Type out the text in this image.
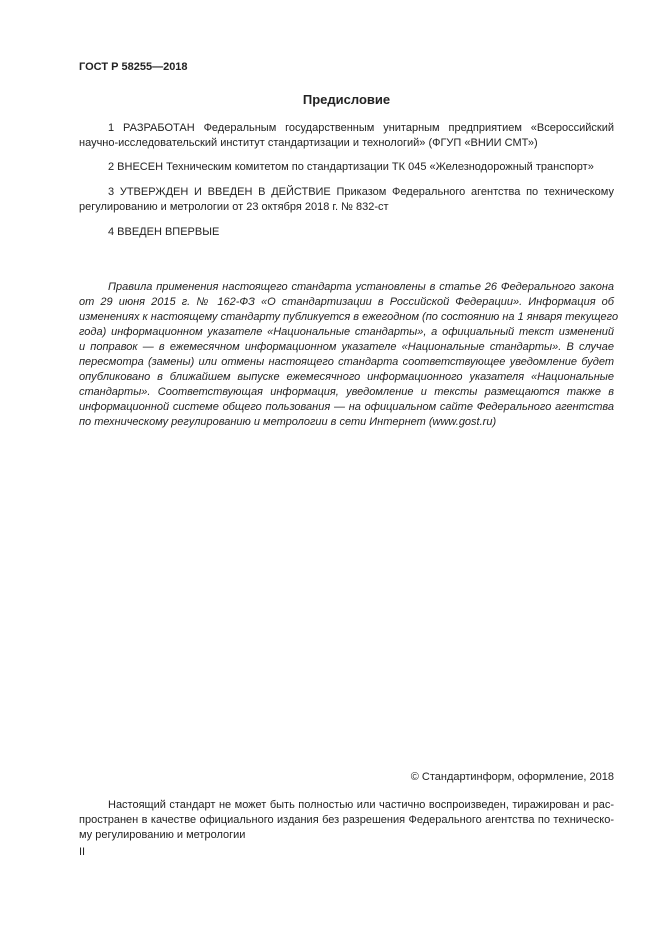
ГОСТ Р 58255—2018
Предисловие
1 РАЗРАБОТАН Федеральным государственным унитарным предприятием «Всероссийский
научно-исследовательский институт стандартизации и технологий» (ФГУП «ВНИИ СМТ»)
2 ВНЕСЕН Техническим комитетом по стандартизации ТК 045 «Железнодорожный транспорт»
3 УТВЕРЖДЕН И ВВЕДЕН В ДЕЙСТВИЕ Приказом Федерального агентства по техническому
регулированию и метрологии от 23 октября 2018 г. № 832-ст
4 ВВЕДЕН ВПЕРВЫЕ
Правила применения настоящего стандарта установлены в статье 26 Федерального закона
от 29 июня 2015 г. № 162-ФЗ «О стандартизации в Российской Федерации». Информация об
изменениях к настоящему стандарту публикуется в ежегодном (по состоянию на 1 января текущего
года) информационном указателе «Национальные стандарты», а официальный текст изменений
и поправок — в ежемесячном информационном указателе «Национальные стандарты». В случае
пересмотра (замены) или отмены настоящего стандарта соответствующее уведомление будет
опубликовано в ближайшем выпуске ежемесячного информационного указателя «Национальные
стандарты». Соответствующая информация, уведомление и тексты размещаются также в
информационной системе общего пользования — на официальном сайте Федерального агентства
по техническому регулированию и метрологии в сети Интернет (www.gost.ru)
© Стандартинформ, оформление, 2018
Настоящий стандарт не может быть полностью или частично воспроизведен, тиражирован и рас-
пространен в качестве официального издания без разрешения Федерального агентства по техническо-
му регулированию и метрологии
II
